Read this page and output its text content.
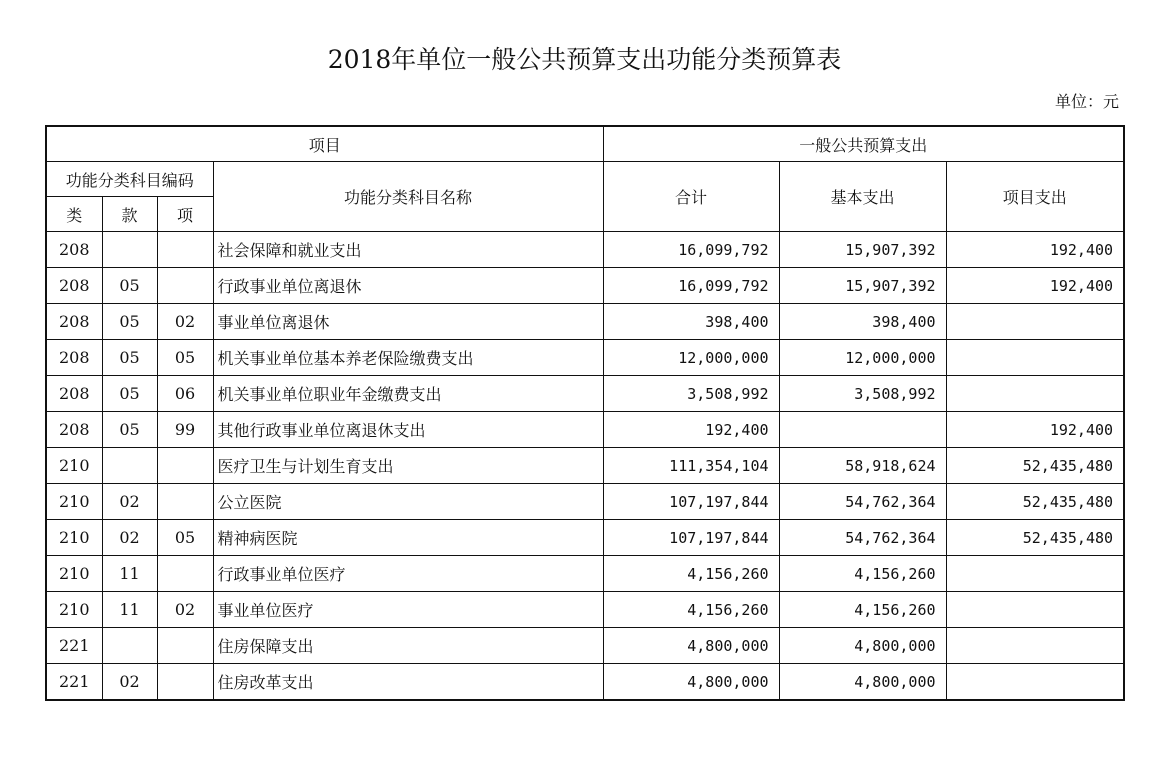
2018年单位一般公共预算支出功能分类预算表
单位：元
项目				一般公共预算支出		
功能分类科目编码			功能分类科目名称	合计	基本支出	项目支出
类	款	项				
208			社会保障和就业支出	16,099,792	15,907,392	192,400
208	05		行政事业单位离退休	16,099,792	15,907,392	192,400
208	05	02	事业单位离退休	398,400	398,400	
208	05	05	机关事业单位基本养老保险缴费支出	12,000,000	12,000,000	
208	05	06	机关事业单位职业年金缴费支出	3,508,992	3,508,992	
208	05	99	其他行政事业单位离退休支出	192,400		192,400
210			医疗卫生与计划生育支出	111,354,104	58,918,624	52,435,480
210	02		公立医院	107,197,844	54,762,364	52,435,480
210	02	05	精神病医院	107,197,844	54,762,364	52,435,480
210	11		行政事业单位医疗	4,156,260	4,156,260	
210	11	02	事业单位医疗	4,156,260	4,156,260	
221			住房保障支出	4,800,000	4,800,000	
221	02		住房改革支出	4,800,000	4,800,000	
